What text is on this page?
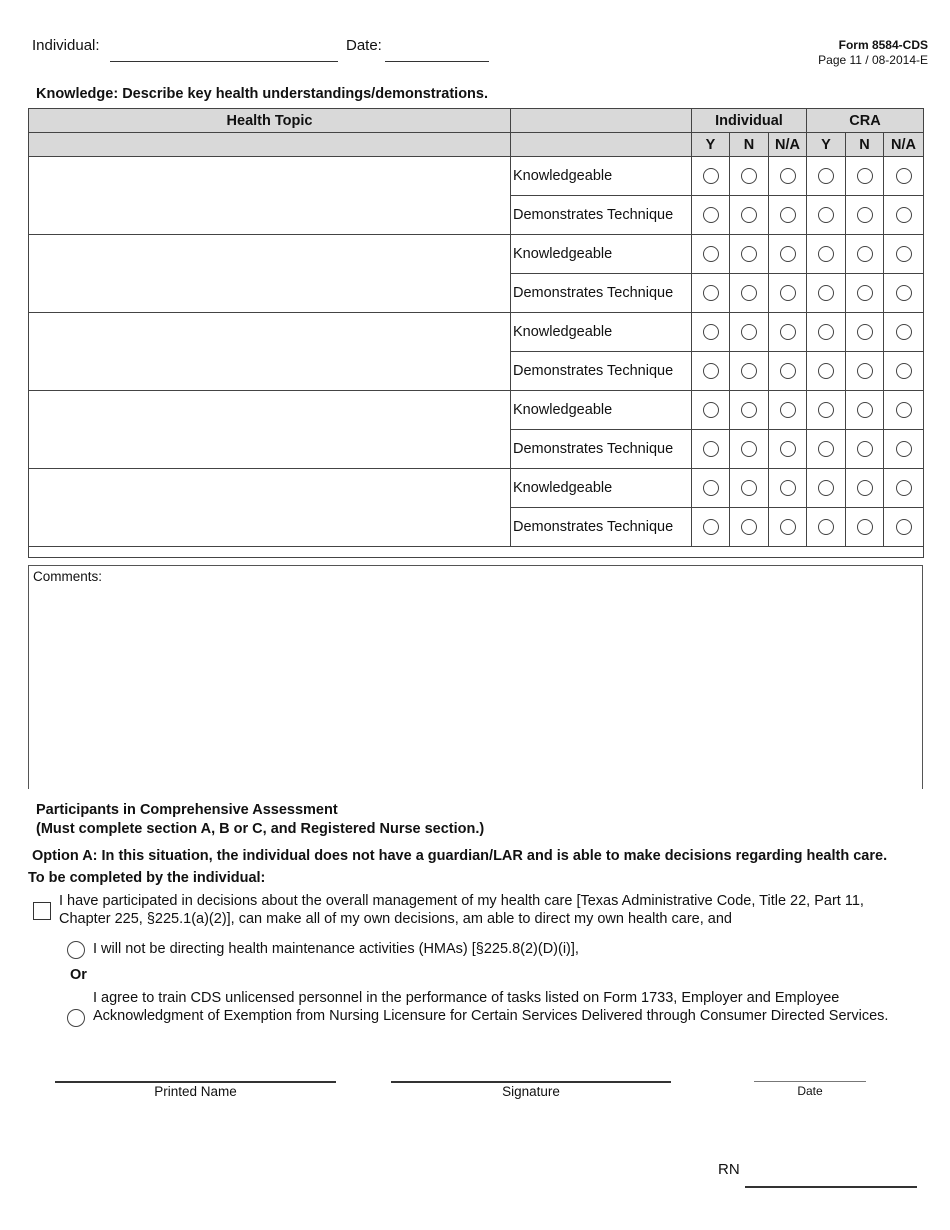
Individual:	Date:	Form 8584-CDS
Page 11 / 08-2014-E
Knowledge: Describe key health understandings/demonstrations.
Health Topic		Individual			CRA		
		Y	N	N/A	Y	N	N/A
	Knowledgeable						
	Demonstrates Technique						
	Knowledgeable						
	Demonstrates Technique						
	Knowledgeable						
	Demonstrates Technique						
	Knowledgeable						
	Demonstrates Technique						
	Knowledgeable						
	Demonstrates Technique						

Comments:
Participants in Comprehensive Assessment
(Must complete section A, B or C, and Registered Nurse section.)
Option A: In this situation, the individual does not have a guardian/LAR and is able to make decisions regarding health care.
To be completed by the individual:
I have participated in decisions about the overall management of my health care [Texas Administrative Code, Title 22, Part 11, Chapter 225, §225.1(a)(2)], can make all of my own decisions, am able to direct my own health care, and
I will not be directing health maintenance activities (HMAs) [§225.8(2)(D)(i)],
Or
I agree to train CDS unlicensed personnel in the performance of tasks listed on Form 1733, Employer and Employee Acknowledgment of Exemption from Nursing Licensure for Certain Services Delivered through Consumer Directed Services.
Printed Name	Signature	Date
RN
